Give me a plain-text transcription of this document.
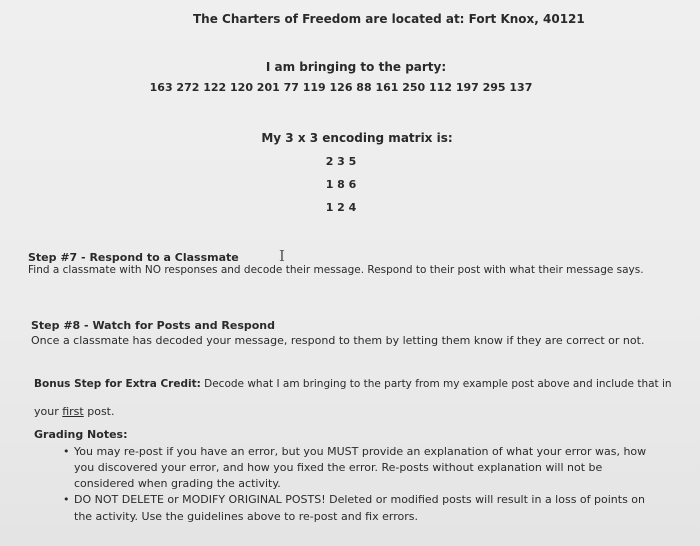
The Charters of Freedom are located at: Fort Knox, 40121
I am bringing to the party:
163 272 122 120 201 77 119 126 88 161 250 112 197 295 137
My 3 x 3 encoding matrix is:
2 3 5
1 8 6
1 2 4
I
Step #7 - Respond to a Classmate
Find a classmate with NO responses and decode their message. Respond to their post with what their message says.
Step #8 - Watch for Posts and Respond
Once a classmate has decoded your message, respond to them by letting them know if they are correct or not.
Bonus Step for Extra Credit: Decode what I am bringing to the party from my example post above and include that in
your first post.
Grading Notes:
• You may re-post if you have an error, but you MUST provide an explanation of what your error was, how
you discovered your error, and how you fixed the error. Re-posts without explanation will not be
considered when grading the activity.
• DO NOT DELETE or MODIFY ORIGINAL POSTS! Deleted or modified posts will result in a loss of points on
the activity. Use the guidelines above to re-post and fix errors.
